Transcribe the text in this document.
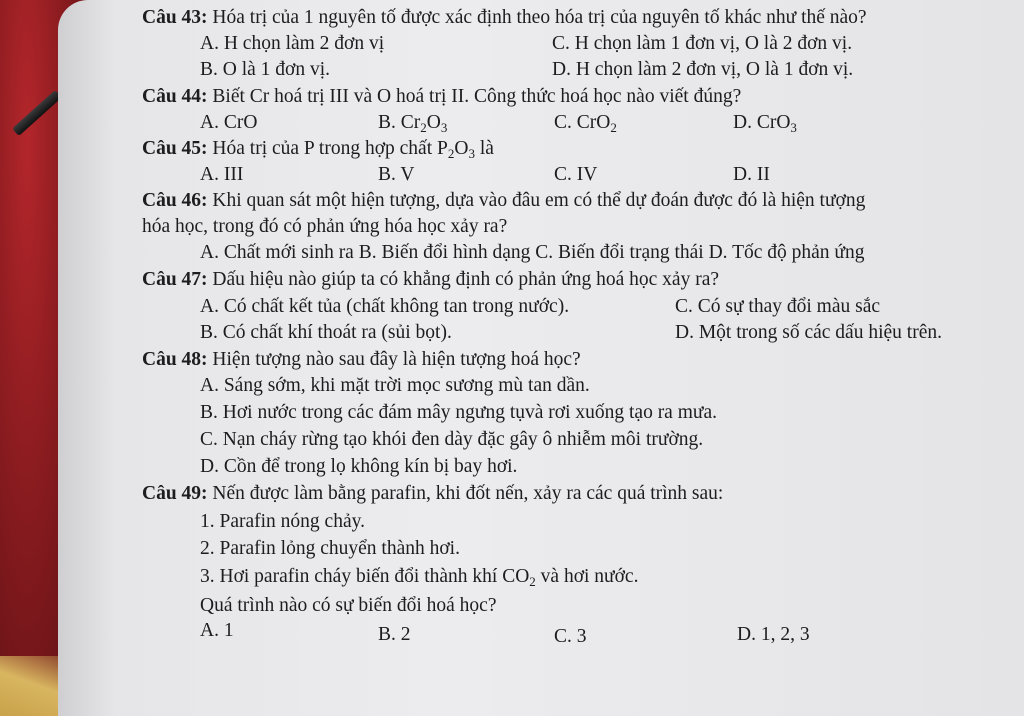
Câu 43: Hóa trị của 1 nguyên tố được xác định theo hóa trị của nguyên tố khác như thế nào?
A. H chọn làm 2 đơn vị	C. H chọn làm 1 đơn vị, O là 2 đơn vị.
B. O là 1 đơn vị.	D. H chọn làm 2 đơn vị, O là 1 đơn vị.
Câu 44: Biết Cr hoá trị III và O hoá trị II. Công thức hoá học nào viết đúng?
A. CrO	B. $Cr_2O_3$	C. CrO$_2$	D. CrO$_3$
Câu 45: Hóa trị của P trong hợp chất $P_2O_3$ là
A. III	B. V	C. IV	D. II
Câu 46: Khi quan sát một hiện tượng, dựa vào đâu em có thể dự đoán được đó là hiện tượng
hóa học, trong đó có phản ứng hóa học xảy ra?
A. Chất mới sinh ra B. Biến đổi hình dạng C. Biến đổi trạng thái D. Tốc độ phản ứng
Câu 47: Dấu hiệu nào giúp ta có khẳng định có phản ứng hoá học xảy ra?
A. Có chất kết tủa (chất không tan trong nước).	C. Có sự thay đổi màu sắc
B. Có chất khí thoát ra (sủi bọt).	D. Một trong số các dấu hiệu trên.
Câu 48: Hiện tượng nào sau đây là hiện tượng hoá học?
A. Sáng sớm, khi mặt trời mọc sương mù tan dần.
B. Hơi nước trong các đám mây ngưng tụvà rơi xuống tạo ra mưa.
C. Nạn cháy rừng tạo khói đen dày đặc gây ô nhiễm môi trường.
D. Cồn để trong lọ không kín bị bay hơi.
Câu 49: Nến được làm bằng parafin, khi đốt nến, xảy ra các quá trình sau:
1. Parafin nóng chảy.
2. Parafin lỏng chuyển thành hơi.
3. Hơi parafin cháy biến đổi thành khí $CO_2$ và hơi nước.
Quá trình nào có sự biến đổi hoá học?
A. 1	B. 2	C. 3	D. 1, 2, 3
